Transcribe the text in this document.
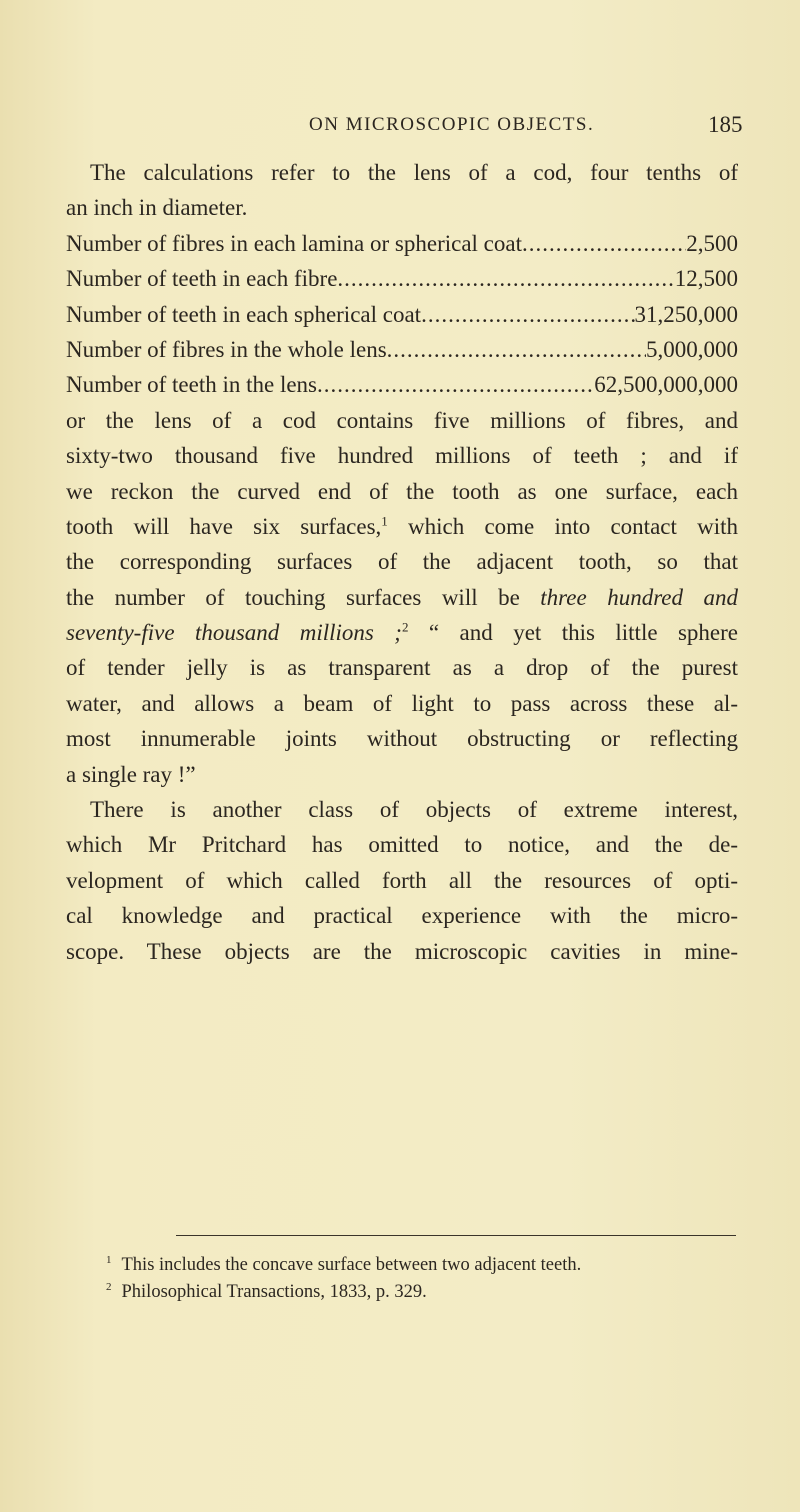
ON MICROSCOPIC OBJECTS.	185
The calculations refer to the lens of a cod, four tenths of
an inch in diameter.
Number of fibres in each lamina or spherical coat .....	2,500
Number of teeth in each fibre .....	12,500
Number of teeth in each spherical coat .....	31,250,000
Number of fibres in the whole lens .....	5,000,000
Number of teeth in the lens .....	62,500,000,000
or the lens of a cod contains five millions of fibres, and
sixty-two thousand five hundred millions of teeth ; and if
we reckon the curved end of the tooth as one surface, each
tooth will have six surfaces,$^1$ which come into contact with
the corresponding surfaces of the adjacent tooth, so that
the number of touching surfaces will be three hundred and
seventy-five thousand millions ;$^2$ “ and yet this little sphere
of tender jelly is as transparent as a drop of the purest
water, and allows a beam of light to pass across these al-
most innumerable joints without obstructing or reflecting
a single ray !”
There is another class of objects of extreme interest,
which Mr Pritchard has omitted to notice, and the de-
velopment of which called forth all the resources of opti-
cal knowledge and practical experience with the micro-
scope. These objects are the microscopic cavities in mine-
$^1$ This includes the concave surface between two adjacent teeth.
$^2$ Philosophical Transactions, 1833, p. 329.
